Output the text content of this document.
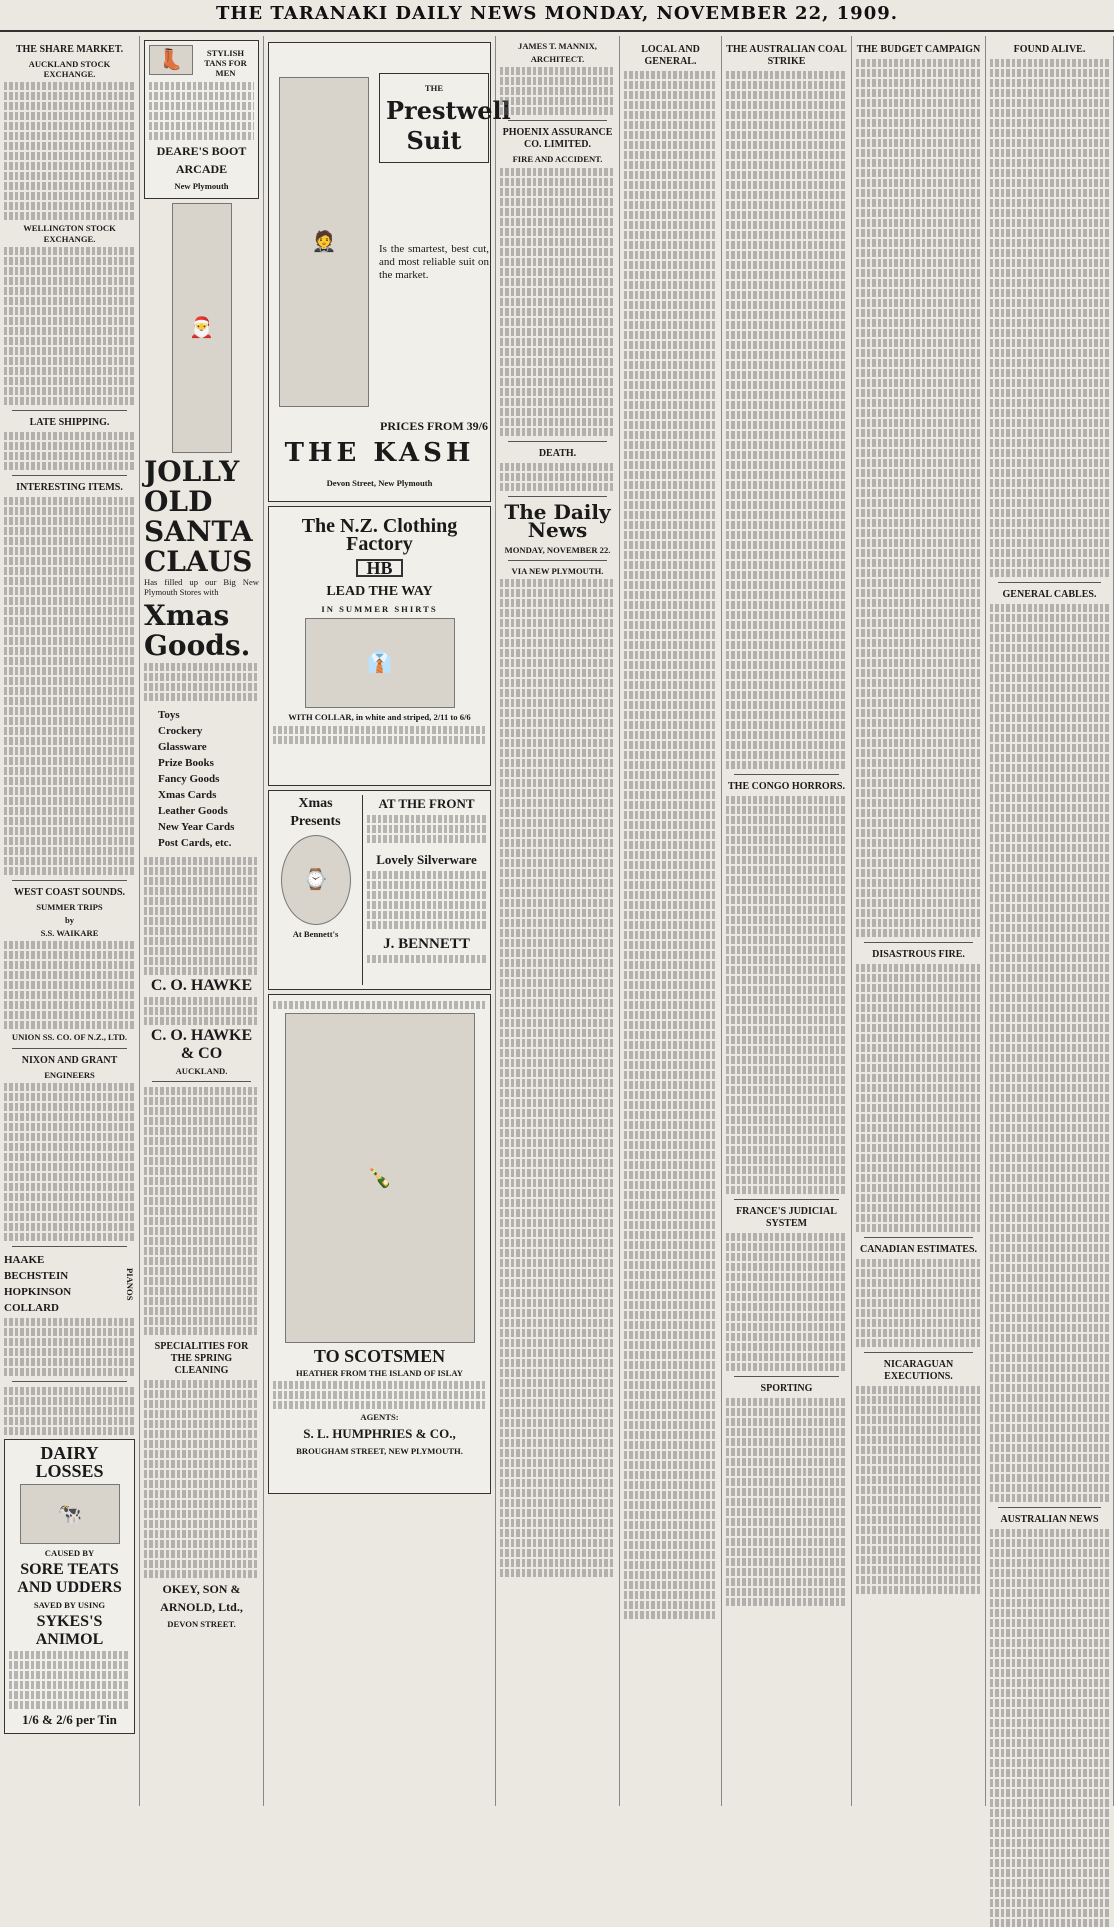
THE TARANAKI DAILY NEWS MONDAY, NOVEMBER 22, 1909.
THE SHARE MARKET.
AUCKLAND STOCK EXCHANGE.
WELLINGTON STOCK EXCHANGE.
LATE SHIPPING.
INTERESTING ITEMS.
WEST COAST SOUNDS.
SUMMER TRIPS
by
S.S. WAIKARE
UNION SS. CO. OF N.Z., LTD.
NIXON AND GRANT
ENGINEERS
HAAKE
BECHSTEIN
HOPKINSON
COLLARD
PIANOS
DAIRY LOSSES
🐄
CAUSED BY
SORE TEATS AND UDDERS
SAVED BY USING
SYKES'S ANIMOL
1/6 & 2/6 per Tin
👢	STYLISH TANS FOR MEN
DEARE'S BOOT ARCADE
New Plymouth
🎅
JOLLY OLD SANTA CLAUS
Has filled up our Big New Plymouth Stores with
Xmas Goods.
Toys
Crockery
Glassware
Prize Books
Fancy Goods
Xmas Cards
Leather Goods
New Year Cards
Post Cards, etc.
C. O. HAWKE
C. O. HAWKE & CO
AUCKLAND.
SPECIALITIES FOR THE SPRING CLEANING
OKEY, SON & ARNOLD, Ltd.,
DEVON STREET.
🤵
THE
Prestwell Suit
Is the smartest, best cut, and most reliable suit on the market.
PRICES FROM 39/6
THE KASH
Devon Street, New Plymouth
The N.Z. Clothing Factory
HB
LEAD THE WAY
IN SUMMER SHIRTS
👔
WITH COLLAR, in white and striped, 2/11 to 6/6
Xmas Presents
⌚
At Bennett's
AT THE FRONT
Lovely Silverware
J. BENNETT
🍾
TO SCOTSMEN
HEATHER FROM THE ISLAND OF ISLAY
AGENTS:
S. L. HUMPHRIES & CO.,
BROUGHAM STREET, NEW PLYMOUTH.
JAMES T. MANNIX,
ARCHITECT.
PHOENIX ASSURANCE CO. LIMITED.
FIRE AND ACCIDENT.
DEATH.
The Daily News
MONDAY, NOVEMBER 22.
VIA NEW PLYMOUTH.
LOCAL AND GENERAL.
THE AUSTRALIAN COAL STRIKE
THE CONGO HORRORS.
FRANCE'S JUDICIAL SYSTEM
SPORTING
THE BUDGET CAMPAIGN
DISASTROUS FIRE.
CANADIAN ESTIMATES.
NICARAGUAN EXECUTIONS.
FOUND ALIVE.
GENERAL CABLES.
AUSTRALIAN NEWS
